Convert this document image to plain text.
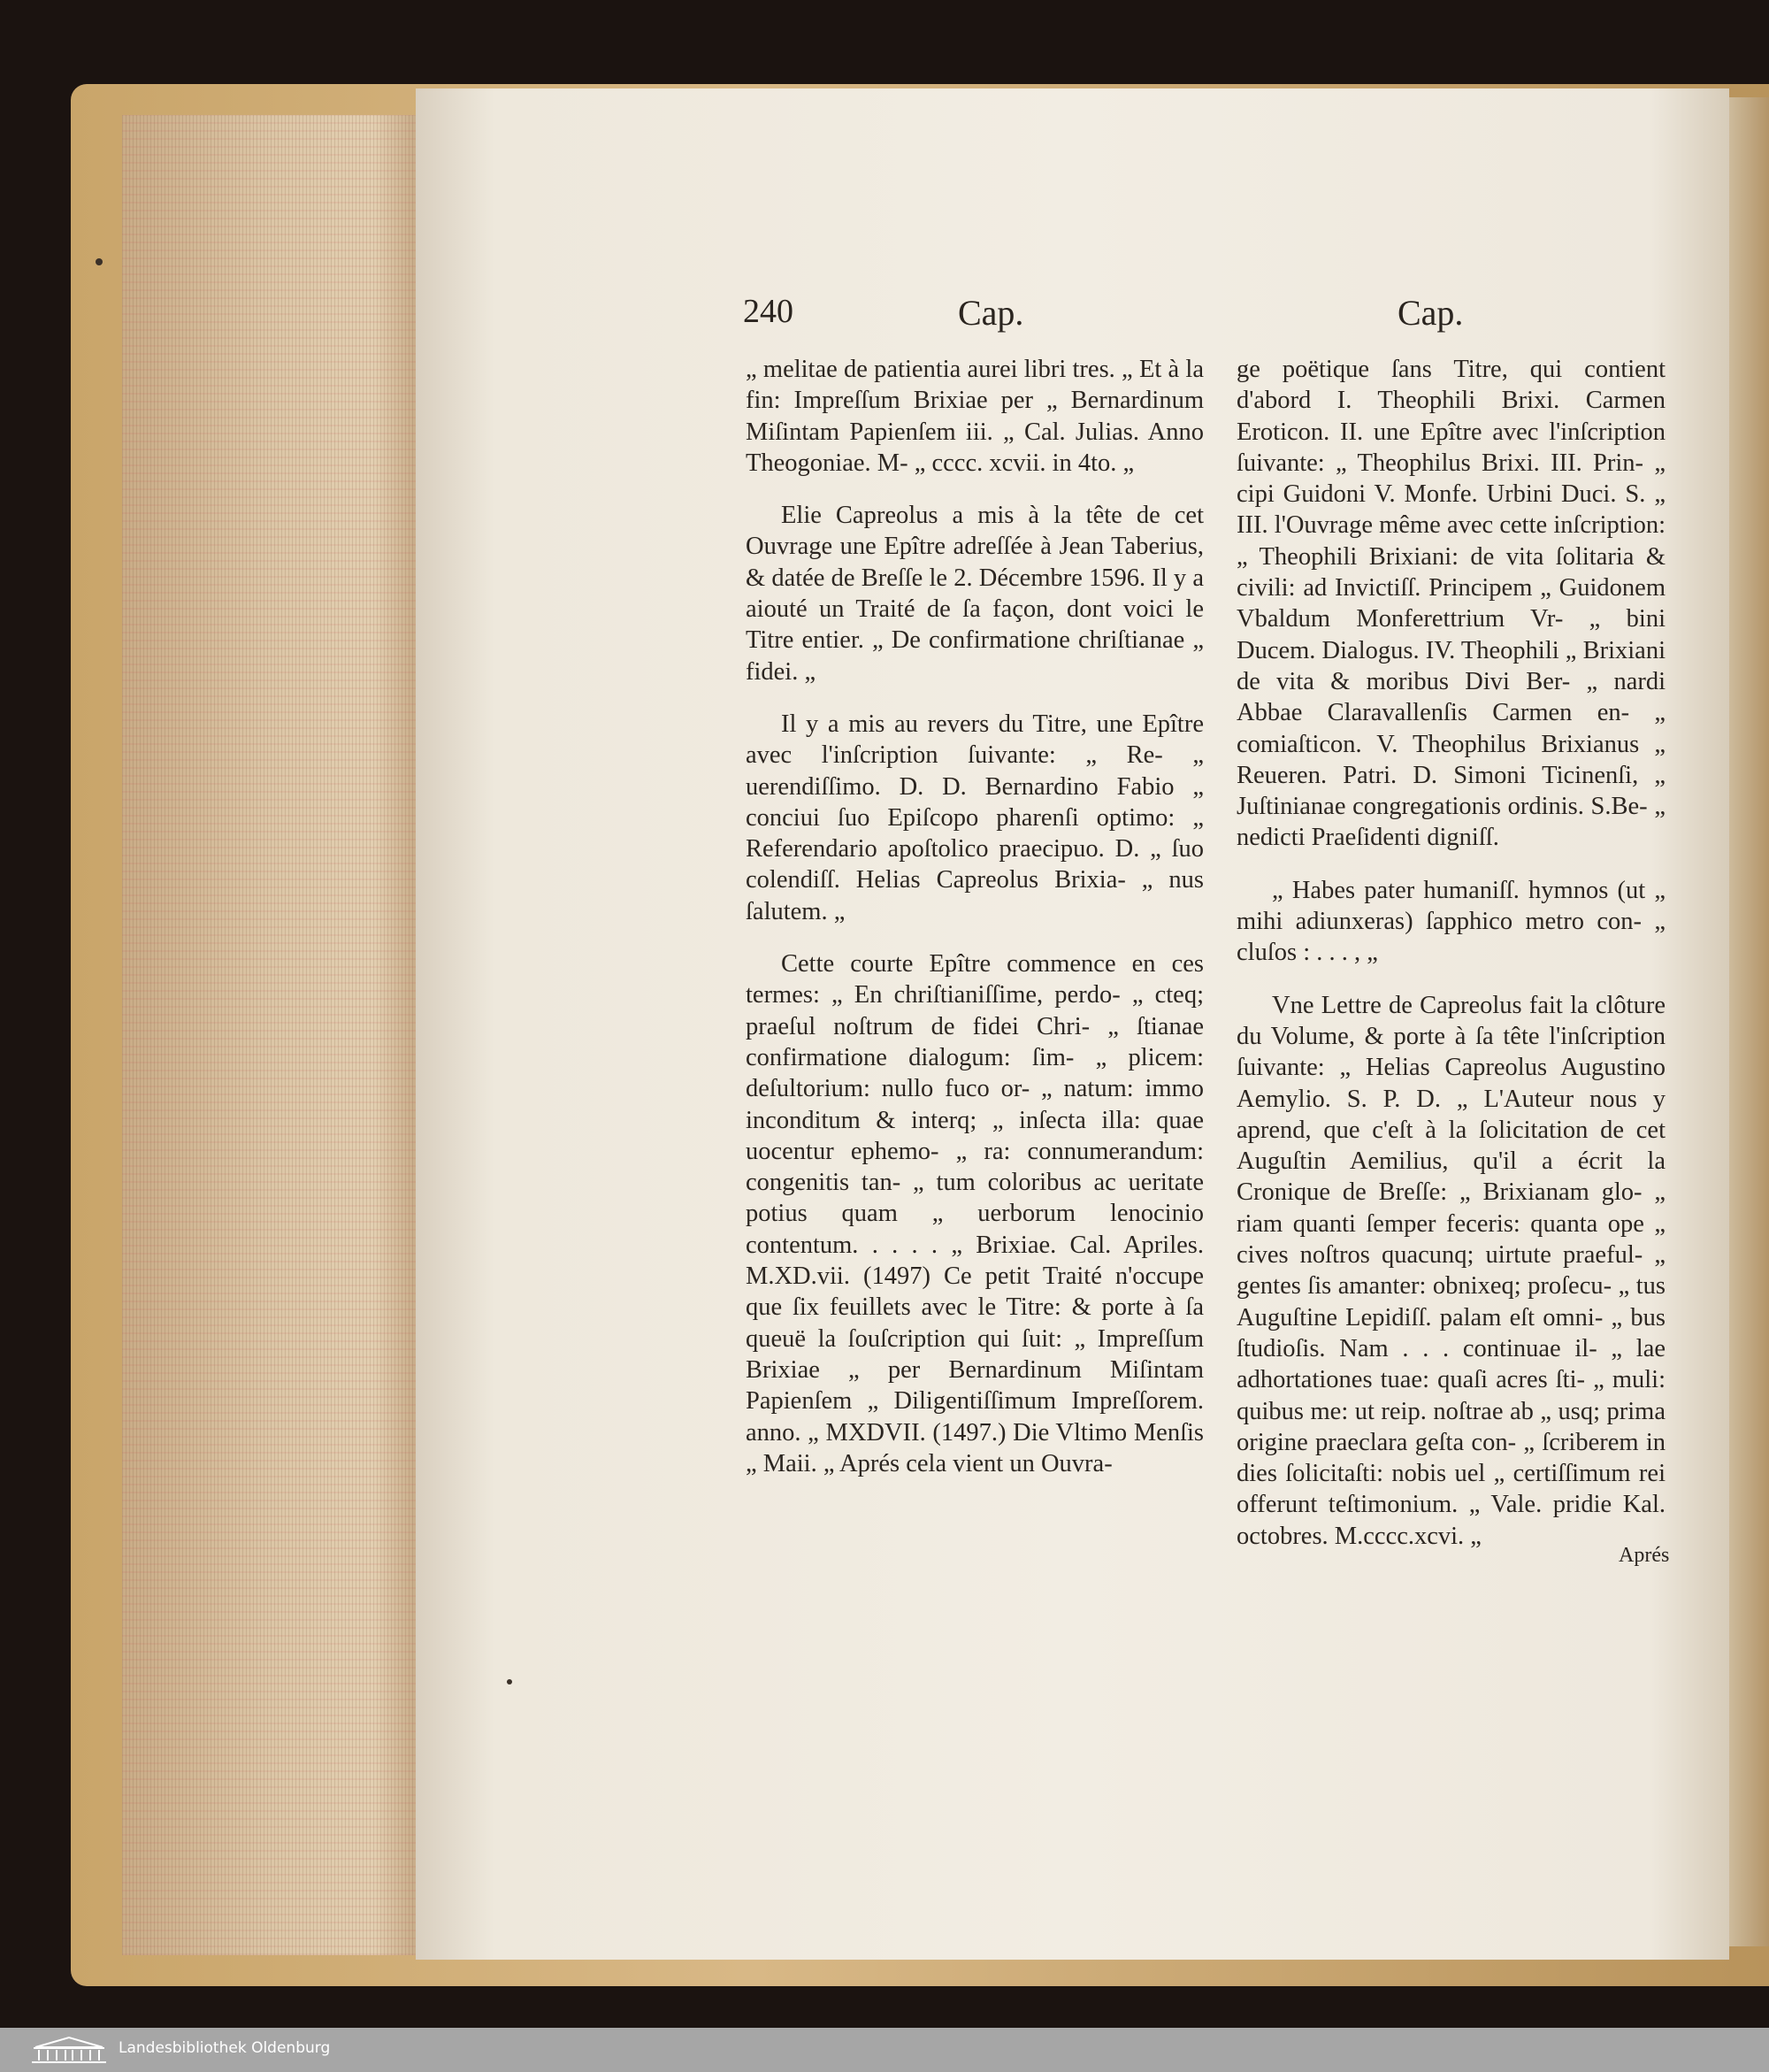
240	Cap.	Cap.

„ melitae de patientia aurei libri tres. „ Et à la fin: Impreſſum Brixiae per „ Bernardinum Miſintam Papienſem iii. „ Cal. Julias. Anno Theogoniae. M- „ cccc. xcvii. in 4to. „

Elie Capreolus a mis à la tête de cet Ouvrage une Epître adreſſée à Jean Taberius, & datée de Breſſe le 2. Décembre 1596. Il y a aiouté un Traité de ſa façon, dont voici le Titre entier. „ De confirmatione chriſtianae „ fidei. „

Il y a mis au revers du Titre, une Epître avec l'inſcription ſuivante: „ Re- „ uerendiſſimo. D. D. Bernardino Fabio „ conciui ſuo Epiſcopo pharenſi optimo: „ Referendario apoſtolico praecipuo. D. „ ſuo colendiſſ. Helias Capreolus Brixia- „ nus ſalutem. „

Cette courte Epître commence en ces termes: „ En chriſtianiſſime, perdo- „ cteq; praeſul noſtrum de fidei Chri- „ ſtianae confirmatione dialogum: ſim- „ plicem: deſultorium: nullo fuco or- „ natum: immo inconditum & interq; „ inſecta illa: quae uocentur ephemo- „ ra: connumerandum: congenitis tan- „ tum coloribus ac ueritate potius quam „ uerborum lenocinio contentum. . . . . „ Brixiae. Cal. Apriles. M.XD.vii. (1497) Ce petit Traité n'occupe que ſix feuillets avec le Titre: & porte à ſa queuë la ſouſcription qui ſuit: „ Impreſſum Brixiae „ per Bernardinum Miſintam Papienſem „ Diligentiſſimum Impreſſorem. anno. „ MXDVII. (1497.) Die Vltimo Menſis „ Maii. „ Aprés cela vient un Ouvra-

ge poëtique ſans Titre, qui contient d'abord I. Theophili Brixi. Carmen Eroticon. II. une Epître avec l'inſcription ſuivante: „ Theophilus Brixi. III. Prin- „ cipi Guidoni V. Monfe. Urbini Duci. S. „ III. l'Ouvrage même avec cette inſcription: „ Theophili Brixiani: de vita ſolitaria & civili: ad Invictiſſ. Principem „ Guidonem Vbaldum Monferettrium Vr- „ bini Ducem. Dialogus. IV. Theophili „ Brixiani de vita & moribus Divi Ber- „ nardi Abbae Claravallenſis Carmen en- „ comiaſticon. V. Theophilus Brixianus „ Reueren. Patri. D. Simoni Ticinenſi, „ Juſtinianae congregationis ordinis. S.Be- „ nedicti Praeſidenti digniſſ.

„ Habes pater humaniſſ. hymnos (ut „ mihi adiunxeras) ſapphico metro con- „ cluſos : . . . , „

Vne Lettre de Capreolus fait la clôture du Volume, & porte à ſa tête l'inſcription ſuivante: „ Helias Capreolus Augustino Aemylio. S. P. D. „ L'Auteur nous y aprend, que c'eſt à la ſolicitation de cet Auguſtin Aemilius, qu'il a écrit la Cronique de Breſſe: „ Brixianam glo- „ riam quanti ſemper feceris: quanta ope „ cives noſtros quacunq; uirtute praeful- „ gentes ſis amanter: obnixeq; proſecu- „ tus Auguſtine Lepidiſſ. palam eſt omni- „ bus ſtudioſis. Nam . . . continuae il- „ lae adhortationes tuae: quaſi acres ſti- „ muli: quibus me: ut reip. noſtrae ab „ usq; prima origine praeclara geſta con- „ ſcriberem in dies ſolicitaſti: nobis uel „ certiſſimum rei offerunt teſtimonium. „ Vale. pridie Kal. octobres. M.cccc.xcvi. „

Aprés
Landesbibliothek Oldenburg
